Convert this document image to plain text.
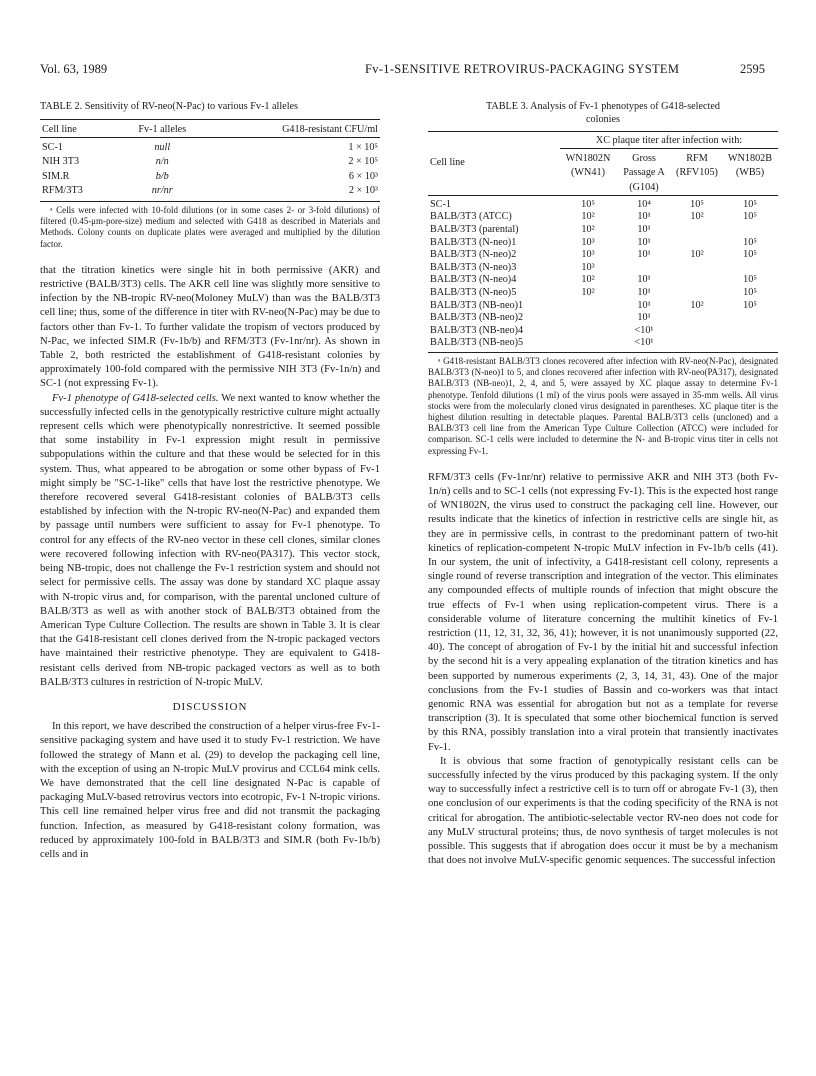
Vol. 63, 1989	Fv-1-SENSITIVE RETROVIRUS-PACKAGING SYSTEM	2595
TABLE 2. Sensitivity of RV-neo(N-Pac) to various Fv-1 alleles
Cell line	Fv-1 alleles	G418-resistant CFU/ml
SC-1	null	1 × 10⁵
NIH 3T3	n/n	2 × 10⁵
SIM.R	b/b	6 × 10³
RFM/3T3	nr/nr	2 × 10³
ᵃ Cells were infected with 10-fold dilutions (or in some cases 2- or 3-fold dilutions) of filtered (0.45-μm-pore-size) medium and selected with G418 as described in Materials and Methods. Colony counts on duplicate plates were averaged and multiplied by the dilution factor.

that the titration kinetics were single hit in both permissive (AKR) and restrictive (BALB/3T3) cells. The AKR cell line was slightly more sensitive to infection by the NB-tropic RV-neo(Moloney MuLV) than was the BALB/3T3 cell line; thus, some of the difference in titer with RV-neo(N-Pac) may be due to factors other than Fv-1. To further validate the tropism of vectors produced by N-Pac, we infected SIM.R (Fv-1b/b) and RFM/3T3 (Fv-1nr/nr). As shown in Table 2, both restricted the establishment of G418-resistant colonies by approximately 100-fold compared with the permissive NIH 3T3 (Fv-1n/n) and SC-1 (not expressing Fv-1).

Fv-1 phenotype of G418-selected cells. We next wanted to know whether the successfully infected cells in the genotypically restrictive culture might actually represent cells which were phenotypically nonrestrictive. It seemed possible that some instability in Fv-1 expression might result in permissive subpopulations within the culture and that these would be selected for in this system. Thus, what appeared to be abrogation or some other bypass of Fv-1 might simply be "SC-1-like" cells that have lost the restrictive phenotype. We therefore recovered several G418-resistant colonies of BALB/3T3 cells established by infection with the N-tropic RV-neo(N-Pac) and expanded them by passage until numbers were sufficient to assay for Fv-1 phenotype. To control for any effects of the RV-neo vector in these cell clones, similar clones were recovered following infection with RV-neo(PA317). This vector stock, being NB-tropic, does not challenge the Fv-1 restriction system and should not select for permissive cells. The assay was done by standard XC plaque assay with N-tropic virus and, for comparison, with the parental uncloned culture of BALB/3T3 as well as with another stock of BALB/3T3 obtained from the American Type Culture Collection. The results are shown in Table 3. It is clear that the G418-resistant cell clones derived from the N-tropic packaged vectors have maintained their restrictive phenotype. They are equivalent to G418-resistant cells derived from NB-tropic packaged vectors as well as to both BALB/3T3 cultures in restriction of N-tropic MuLV.

DISCUSSION

In this report, we have described the construction of a helper virus-free Fv-1-sensitive packaging system and have used it to study Fv-1 restriction. We have followed the strategy of Mann et al. (29) to develop the packaging cell line, with the exception of using an N-tropic MuLV provirus and CCL64 mink cells. We have demonstrated that the cell line designated N-Pac is capable of packaging MuLV-based retrovirus vectors into ecotropic, Fv-1 N-tropic virions. This cell line remained helper virus free and did not transmit the packaging function. Infection, as measured by G418-resistant colony formation, was reduced by approximately 100-fold in BALB/3T3 and SIM.R (both Fv-1b/b) cells and in

TABLE 3. Analysis of Fv-1 phenotypes of G418-selected colonies
Cell line	XC plaque titer after infection with:			
	WN1802N (WN41)	Gross Passage A (G104)	RFM (RFV105)	WN1802B (WB5)
SC-1	10⁵	10⁴	10⁵	10⁵
BALB/3T3 (ATCC)	10²	10¹	10²	10⁵
BALB/3T3 (parental)	10²	10¹		
BALB/3T3 (N-neo)1	10³	10¹		10⁵
BALB/3T3 (N-neo)2	10³	10¹	10²	10⁵
BALB/3T3 (N-neo)3	10³			
BALB/3T3 (N-neo)4	10²	10¹		10⁵
BALB/3T3 (N-neo)5	10²	10¹		10⁵
BALB/3T3 (NB-neo)1		10¹	10²	10⁵
BALB/3T3 (NB-neo)2		10¹		
BALB/3T3 (NB-neo)4		<10¹		
BALB/3T3 (NB-neo)5		<10¹		
ᵃ G418-resistant BALB/3T3 clones recovered after infection with RV-neo(N-Pac), designated BALB/3T3 (N-neo)1 to 5, and clones recovered after infection with RV-neo(PA317), designated BALB/3T3 (NB-neo)1, 2, 4, and 5, were assayed by XC plaque assay to determine Fv-1 phenotype. Tenfold dilutions (1 ml) of the virus pools were assayed in 35-mm wells. All virus stocks were from the molecularly cloned virus designated in parentheses. XC plaque titer is the highest dilution resulting in detectable plaques. Parental BALB/3T3 cells (uncloned) and a BALB/3T3 cell line from the American Type Culture Collection (ATCC) were included for comparison. SC-1 cells were included to determine the N- and B-tropic virus titer in cells not expressing Fv-1.

RFM/3T3 cells (Fv-1nr/nr) relative to permissive AKR and NIH 3T3 (both Fv-1n/n) cells and to SC-1 cells (not expressing Fv-1). This is the expected host range of WN1802N, the virus used to construct the packaging cell line. However, our results indicate that the kinetics of infection in restrictive cells are single hit, as they are in permissive cells, in contrast to the predominant pattern of two-hit kinetics of replication-competent N-tropic MuLV infection in Fv-1b/b cells (41). In our system, the unit of infectivity, a G418-resistant cell colony, represents a single round of reverse transcription and integration of the vector. This eliminates any compounded effects of multiple rounds of infection that might obscure the true effects of Fv-1 when using replication-competent virus. There is a considerable volume of literature concerning the multihit kinetics of Fv-1 restriction (11, 12, 31, 32, 36, 41); however, it is not unanimously supported (22, 40). The concept of abrogation of Fv-1 by the initial hit and successful infection by the second hit is a very appealing explanation of the titration kinetics and has been supported by numerous experiments (2, 3, 14, 31, 43). One of the major conclusions from the Fv-1 studies of Bassin and co-workers was that intact genomic RNA was essential for abrogation but not as a template for reverse transcription (3). It is speculated that some other biochemical function is served by this RNA, possibly translation into a viral protein that transiently inactivates Fv-1.

It is obvious that some fraction of genotypically resistant cells can be successfully infected by the virus produced by this packaging system. If the only way to successfully infect a restrictive cell is to turn off or abrogate Fv-1 (3), then one conclusion of our experiments is that the coding specificity of the RNA is not critical for abrogation. The antibiotic-selectable vector RV-neo does not code for any MuLV structural proteins; thus, de novo synthesis of target molecules is not possible. This suggests that if abrogation does occur it must be by a mechanism that does not involve MuLV-specific genomic sequences. The successful infection
